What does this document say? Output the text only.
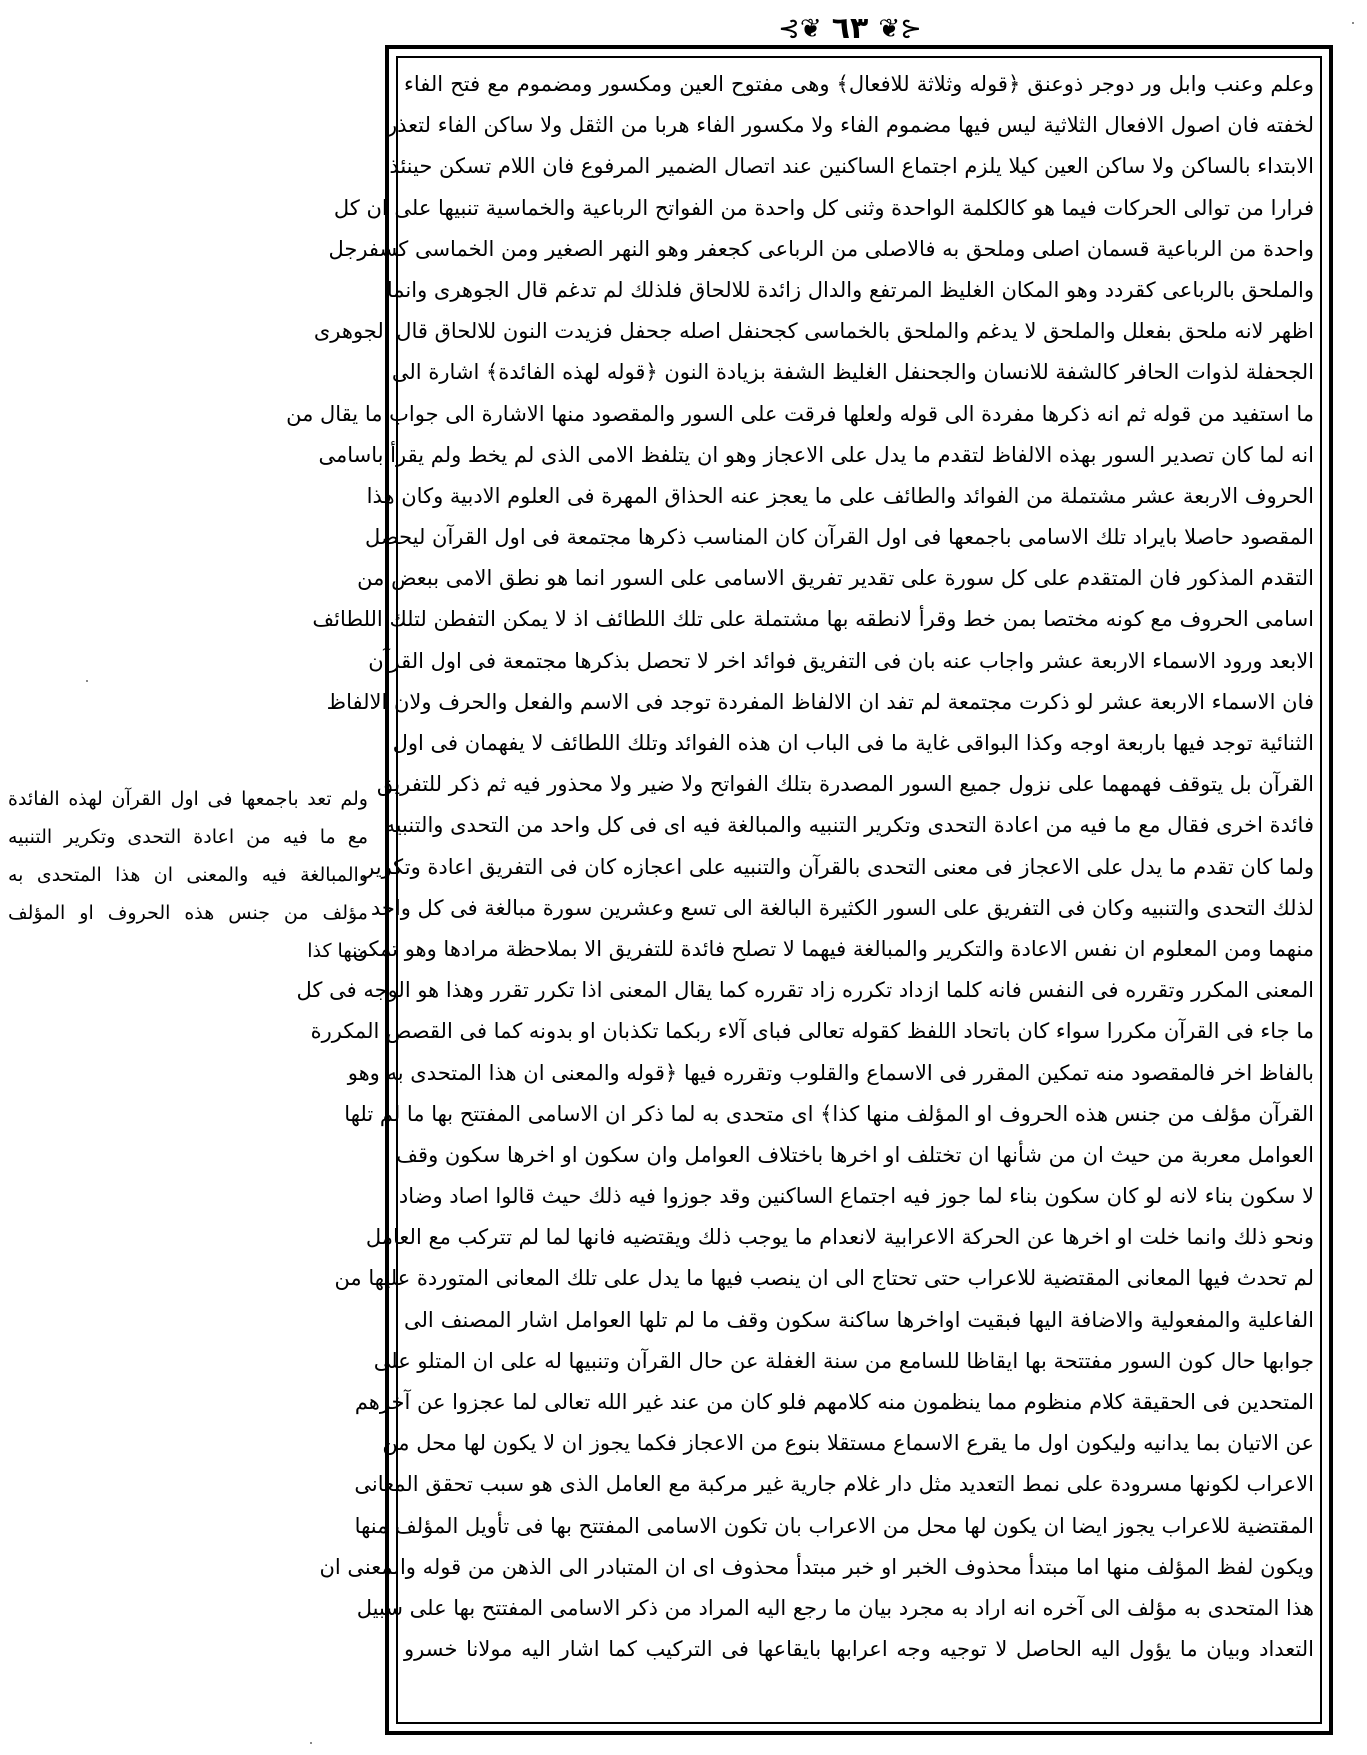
⊰❦ ٦٣ ❦⊱
وعلم وعنب وابل ور دوجر ذوعنق ﴿قوله وثلاثة للافعال﴾ وهى مفتوح العين ومكسور ومضموم مع فتح الفاء
لخفته فان اصول الافعال الثلاثية ليس فيها مضموم الفاء ولا مكسور الفاء هربا من الثقل ولا ساكن الفاء لتعذر
الابتداء بالساكن ولا ساكن العين كيلا يلزم اجتماع الساكنين عند اتصال الضمير المرفوع فان اللام تسكن حينئذ
فرارا من توالى الحركات فيما هو كالكلمة الواحدة وثنى كل واحدة من الفواتح الرباعية والخماسية تنبيها على ان كل
واحدة من الرباعية قسمان اصلى وملحق به فالاصلى من الرباعى كجعفر وهو النهر الصغير ومن الخماسى كسفرجل
والملحق بالرباعى كقردد وهو المكان الغليظ المرتفع والدال زائدة للالحاق فلذلك لم تدغم قال الجوهرى وانما
اظهر لانه ملحق بفعلل والملحق لا يدغم والملحق بالخماسى كجحنفل اصله جحفل فزيدت النون للالحاق قال الجوهرى
الجحفلة لذوات الحافر كالشفة للانسان والجحنفل الغليظ الشفة بزيادة النون ﴿قوله لهذه الفائدة﴾ اشارة الى
ما استفيد من قوله ثم انه ذكرها مفردة الى قوله ولعلها فرقت على السور والمقصود منها الاشارة الى جواب ما يقال من
انه لما كان تصدير السور بهذه الالفاظ لتقدم ما يدل على الاعجاز وهو ان يتلفظ الامى الذى لم يخط ولم يقرأ باسامى
الحروف الاربعة عشر مشتملة من الفوائد والطائف على ما يعجز عنه الحذاق المهرة فى العلوم الادبية وكان هذا
المقصود حاصلا بايراد تلك الاسامى باجمعها فى اول القرآن كان المناسب ذكرها مجتمعة فى اول القرآن ليحصل
التقدم المذكور فان المتقدم على كل سورة على تقدير تفريق الاسامى على السور انما هو نطق الامى ببعض من
اسامى الحروف مع كونه مختصا بمن خط وقرأ لانطقه بها مشتملة على تلك اللطائف اذ لا يمكن التفطن لتلك اللطائف
الابعد ورود الاسماء الاربعة عشر واجاب عنه بان فى التفريق فوائد اخر لا تحصل بذكرها مجتمعة فى اول القرآن
فان الاسماء الاربعة عشر لو ذكرت مجتمعة لم تفد ان الالفاظ المفردة توجد فى الاسم والفعل والحرف ولان الالفاظ
الثنائية توجد فيها باربعة اوجه وكذا البواقى غاية ما فى الباب ان هذه الفوائد وتلك اللطائف لا يفهمان فى اول
القرآن بل يتوقف فهمهما على نزول جميع السور المصدرة بتلك الفواتح ولا ضير ولا محذور فيه ثم ذكر للتفريق
فائدة اخرى فقال مع ما فيه من اعادة التحدى وتكرير التنبيه والمبالغة فيه اى فى كل واحد من التحدى والتنبيه
ولما كان تقدم ما يدل على الاعجاز فى معنى التحدى بالقرآن والتنبيه على اعجازه كان فى التفريق اعادة وتكرير
لذلك التحدى والتنبيه وكان فى التفريق على السور الكثيرة البالغة الى تسع وعشرين سورة مبالغة فى كل واحد
منهما ومن المعلوم ان نفس الاعادة والتكرير والمبالغة فيهما لا تصلح فائدة للتفريق الا بملاحظة مرادها وهو تمكن
المعنى المكرر وتقرره فى النفس فانه كلما ازداد تكرره زاد تقرره كما يقال المعنى اذا تكرر تقرر وهذا هو الوجه فى كل
ما جاء فى القرآن مكررا سواء كان باتحاد اللفظ كقوله تعالى فباى آلاء ربكما تكذبان او بدونه كما فى القصص المكررة
بالفاظ اخر فالمقصود منه تمكين المقرر فى الاسماع والقلوب وتقرره فيها ﴿قوله والمعنى ان هذا المتحدى به وهو
القرآن مؤلف من جنس هذه الحروف او المؤلف منها كذا﴾ اى متحدى به لما ذكر ان الاسامى المفتتح بها ما لم تلها
العوامل معربة من حيث ان من شأنها ان تختلف او اخرها باختلاف العوامل وان سكون او اخرها سكون وقف
لا سكون بناء لانه لو كان سكون بناء لما جوز فيه اجتماع الساكنين وقد جوزوا فيه ذلك حيث قالوا اصاد وضاد
ونحو ذلك وانما خلت او اخرها عن الحركة الاعرابية لانعدام ما يوجب ذلك ويقتضيه فانها لما لم تتركب مع العامل
لم تحدث فيها المعانى المقتضية للاعراب حتى تحتاج الى ان ينصب فيها ما يدل على تلك المعانى المتوردة عليها من
الفاعلية والمفعولية والاضافة اليها فبقيت اواخرها ساكنة سكون وقف ما لم تلها العوامل اشار المصنف الى
جوابها حال كون السور مفتتحة بها ايقاظا للسامع من سنة الغفلة عن حال القرآن وتنبيها له على ان المتلو على
المتحدين فى الحقيقة كلام منظوم مما ينظمون منه كلامهم فلو كان من عند غير الله تعالى لما عجزوا عن آخرهم
عن الاتيان بما يدانيه وليكون اول ما يقرع الاسماع مستقلا بنوع من الاعجاز فكما يجوز ان لا يكون لها محل من
الاعراب لكونها مسرودة على نمط التعديد مثل دار غلام جارية غير مركبة مع العامل الذى هو سبب تحقق المعانى
المقتضية للاعراب يجوز ايضا ان يكون لها محل من الاعراب بان تكون الاسامى المفتتح بها فى تأويل المؤلف منها
ويكون لفظ المؤلف منها اما مبتدأ محذوف الخبر او خبر مبتدأ محذوف اى ان المتبادر الى الذهن من قوله والمعنى ان
هذا المتحدى به مؤلف الى آخره انه اراد به مجرد بيان ما رجع اليه المراد من ذكر الاسامى المفتتح بها على سبيل
التعداد وبيان ما يؤول اليه الحاصل لا توجيه وجه اعرابها بايقاعها فى التركيب كما اشار اليه مولانا خسرو
ولم تعد باجمعها فى اول القرآن لهذه الفائدة
مع ما فيه من اعادة التحدى وتكرير التنبيه
والمبالغة فيه والمعنى ان هذا المتحدى به
مؤلف من جنس هذه الحروف او المؤلف
منها كذا
